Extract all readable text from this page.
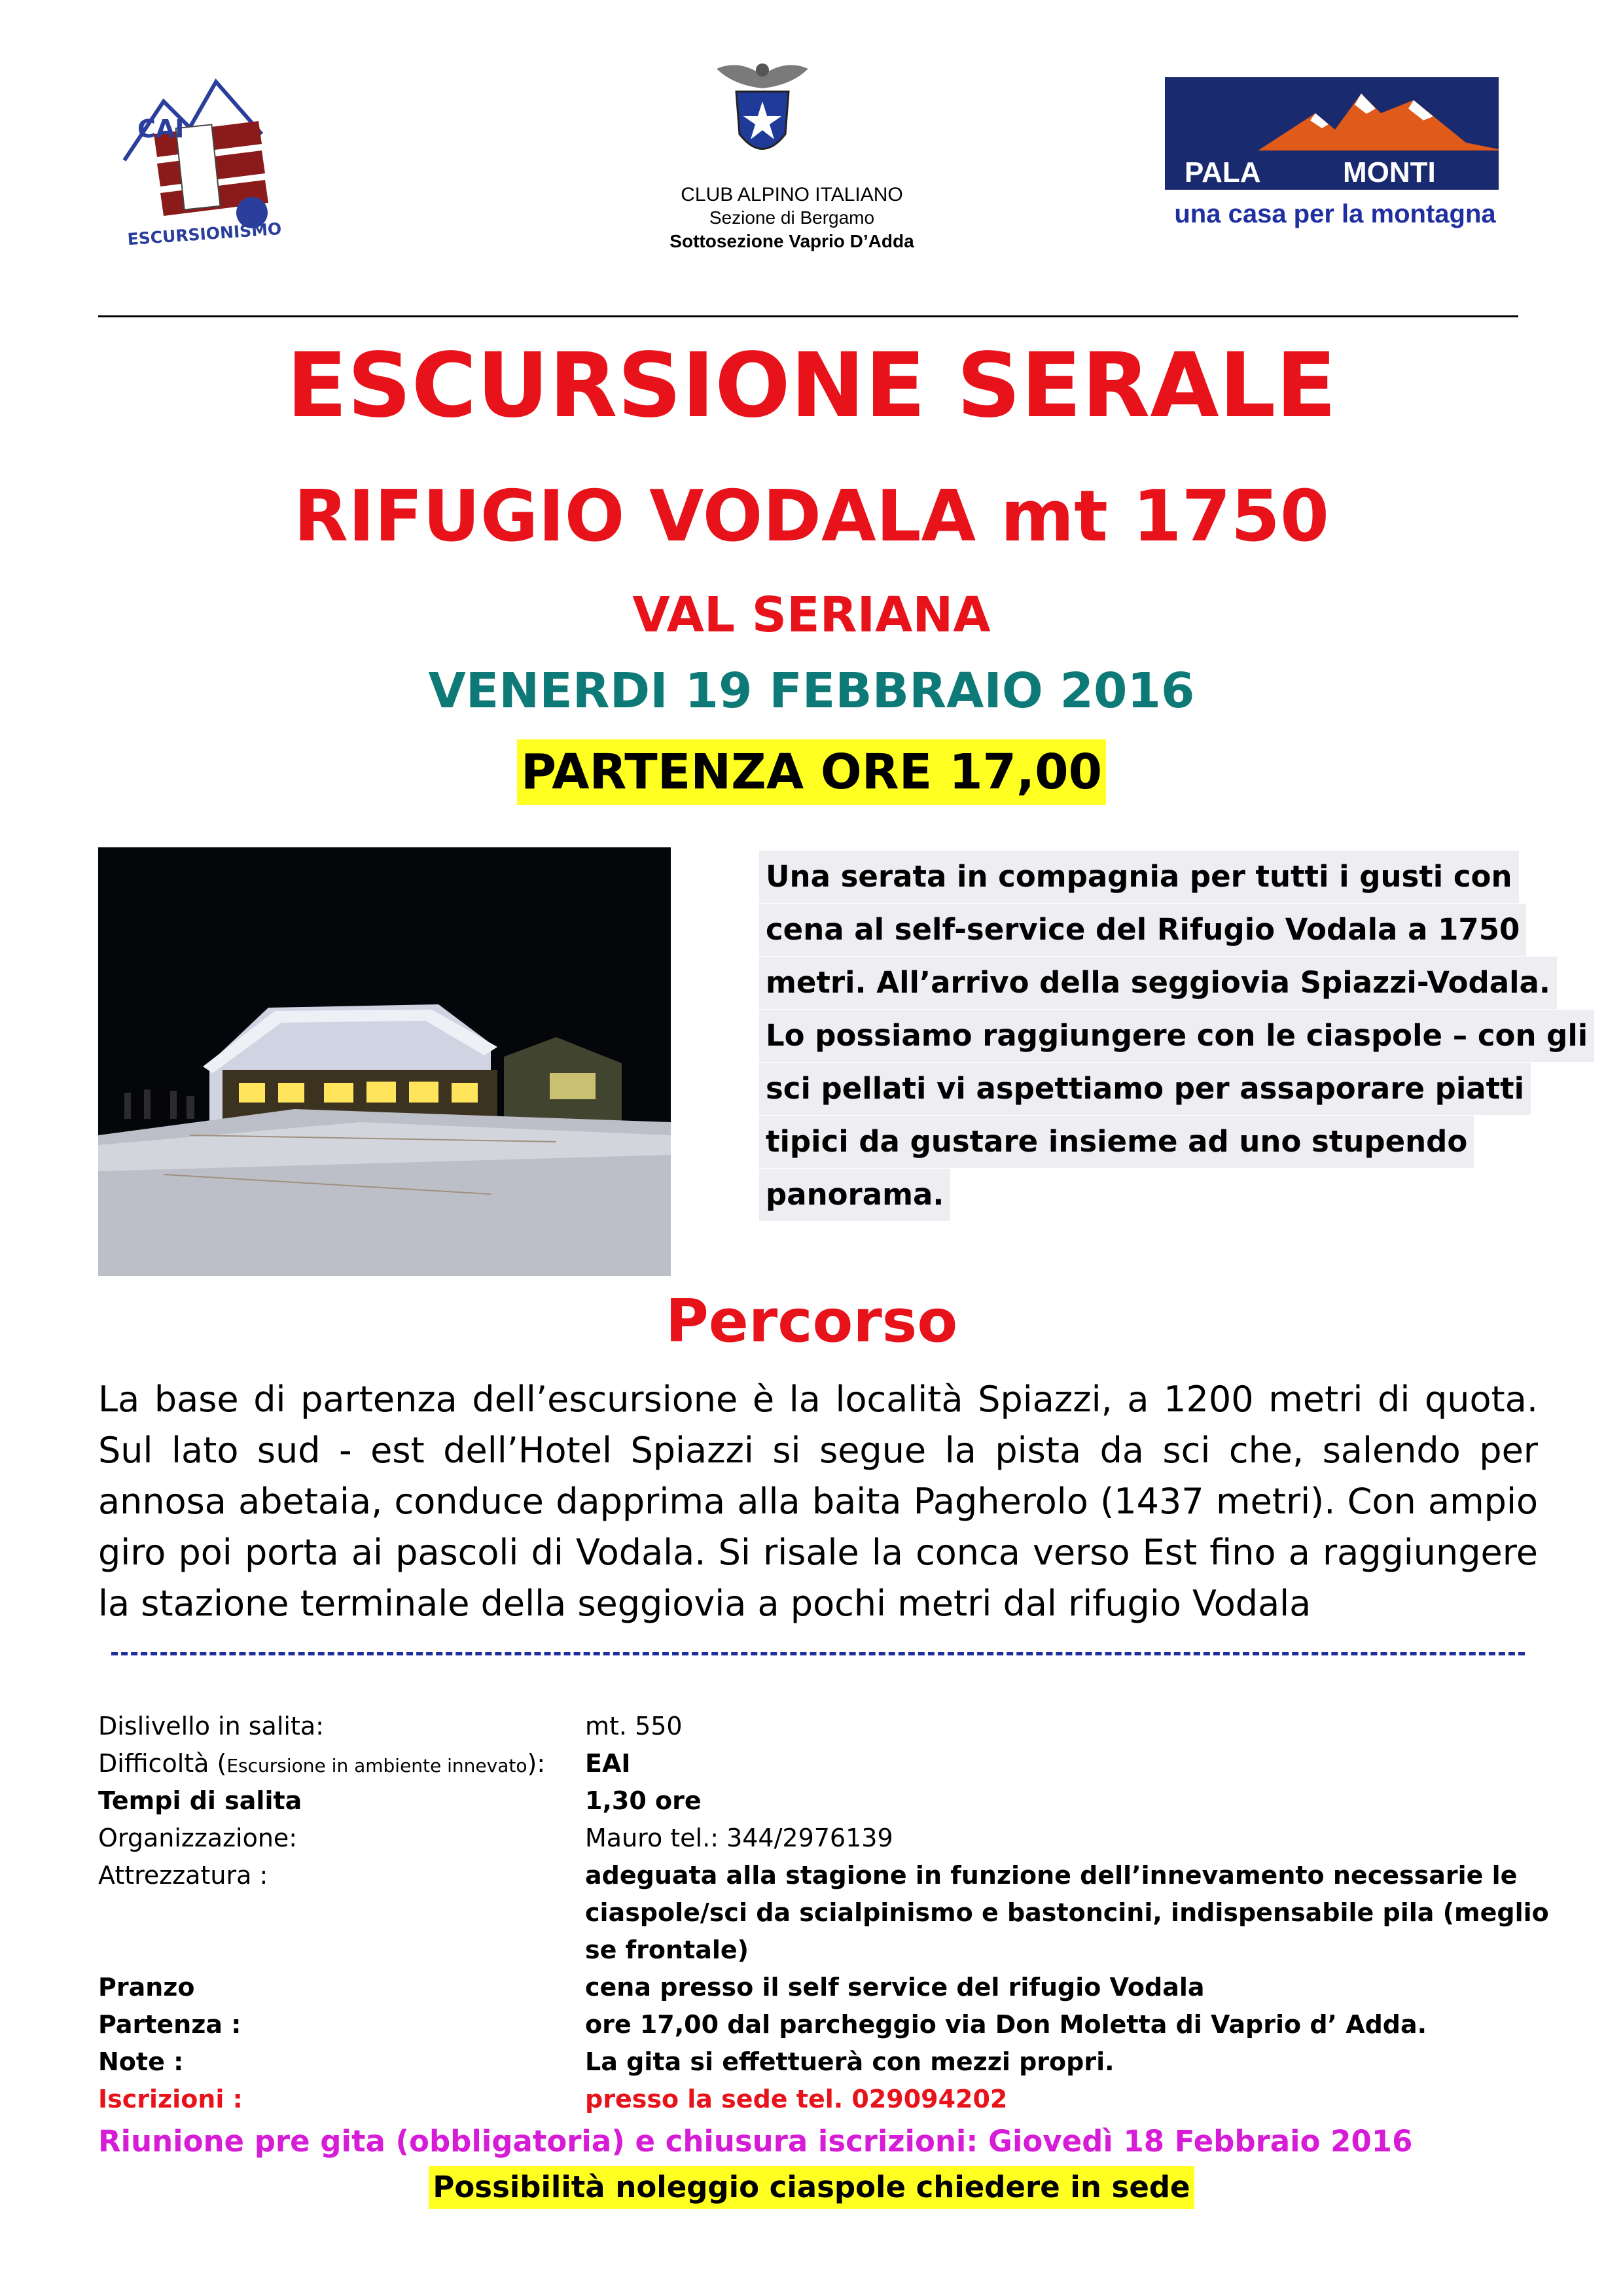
CAI
ESCURSIONISMO
CLUB ALPINO ITALIANO
Sezione di Bergamo
Sottosezione Vaprio D’Adda
PALA	MONTI
una casa per la montagna
ESCURSIONE SERALE
RIFUGIO VODALA mt 1750
VAL SERIANA
VENERDI 19 FEBBRAIO 2016
PARTENZA ORE 17,00
Una serata in compagnia per tutti i gusti con
cena al self-service del Rifugio Vodala a 1750
metri. All’arrivo della seggiovia Spiazzi-Vodala.
Lo possiamo raggiungere con le ciaspole – con gli
sci pellati vi aspettiamo per assaporare piatti
tipici da gustare insieme ad uno stupendo
panorama.
Percorso
La base di partenza dell’escursione è la località Spiazzi, a 1200 metri di quota. Sul lato sud - est dell’Hotel Spiazzi si segue la pista da sci che, salendo per annosa abetaia, conduce dapprima alla baita Pagherolo (1437 metri). Con ampio giro poi porta ai pascoli di Vodala. Si risale la conca verso Est fino a raggiungere la stazione terminale della seggiovia a pochi metri dal rifugio Vodala
Dislivello in salita:	mt. 550
Difficoltà (Escursione in ambiente innevato):	EAI
Tempi di salita	1,30 ore
Organizzazione:	Mauro tel.: 344/2976139
Attrezzatura :	adeguata alla stagione in funzione dell’innevamento necessarie le ciaspole/sci da scialpinismo e bastoncini, indispensabile pila (meglio se frontale)
Pranzo	cena presso il self service del rifugio Vodala
Partenza :	ore 17,00 dal parcheggio via Don Moletta di Vaprio d’ Adda.
Note :	La gita si effettuerà con mezzi propri.
Iscrizioni :	presso la sede tel. 029094202
Riunione pre gita (obbligatoria) e chiusura iscrizioni: Giovedì 18 Febbraio 2016
Possibilità noleggio ciaspole chiedere in sede
